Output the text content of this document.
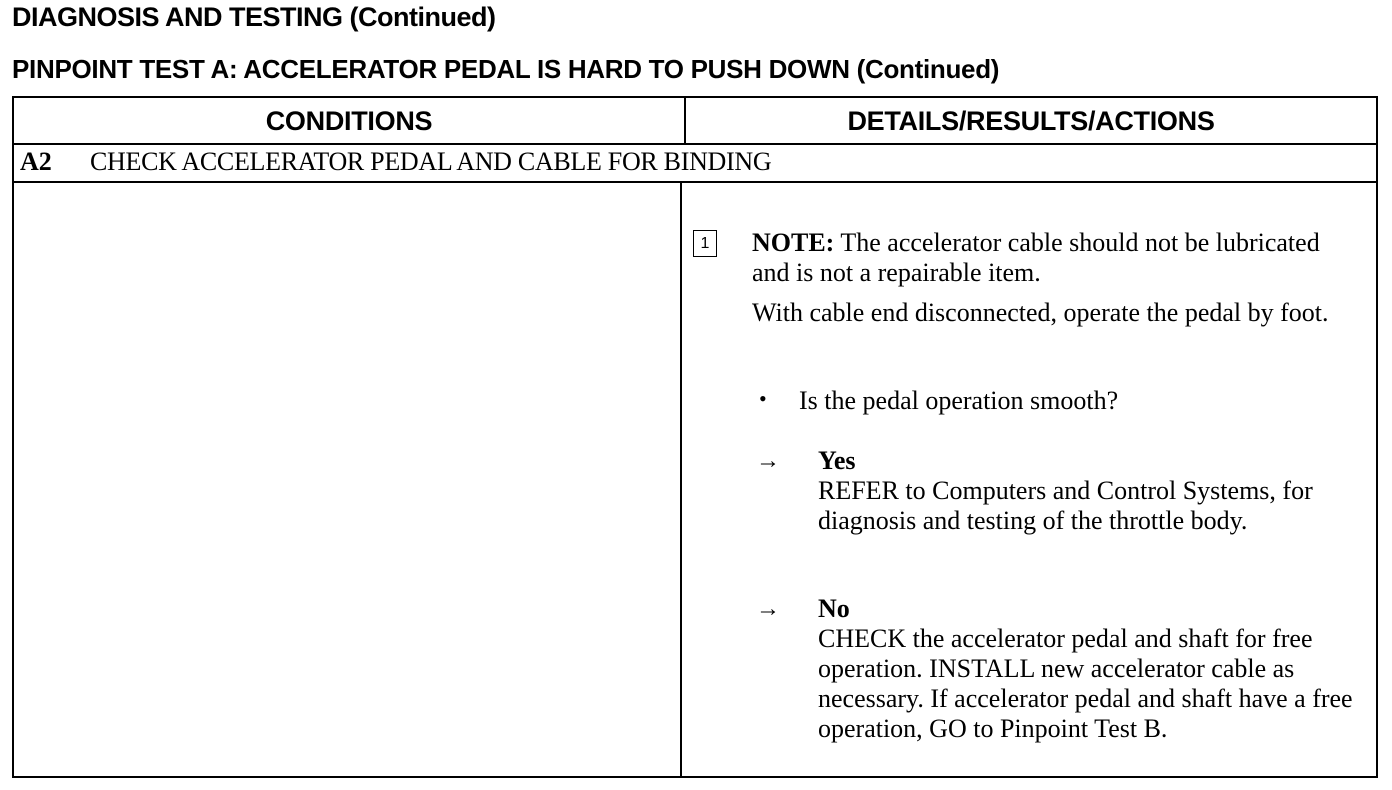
DIAGNOSIS AND TESTING (Continued)
PINPOINT TEST A: ACCELERATOR PEDAL IS HARD TO PUSH DOWN (Continued)
CONDITIONS	DETAILS/RESULTS/ACTIONS
A2 CHECK ACCELERATOR PEDAL AND CABLE FOR BINDING
1 NOTE: The accelerator cable should not be lubricated and is not a repairable item.
With cable end disconnected, operate the pedal by foot.
• Is the pedal operation smooth?
→ Yes
REFER to Computers and Control Systems, for diagnosis and testing of the throttle body.
→ No
CHECK the accelerator pedal and shaft for free operation. INSTALL new accelerator cable as necessary. If accelerator pedal and shaft have a free operation, GO to Pinpoint Test B.
